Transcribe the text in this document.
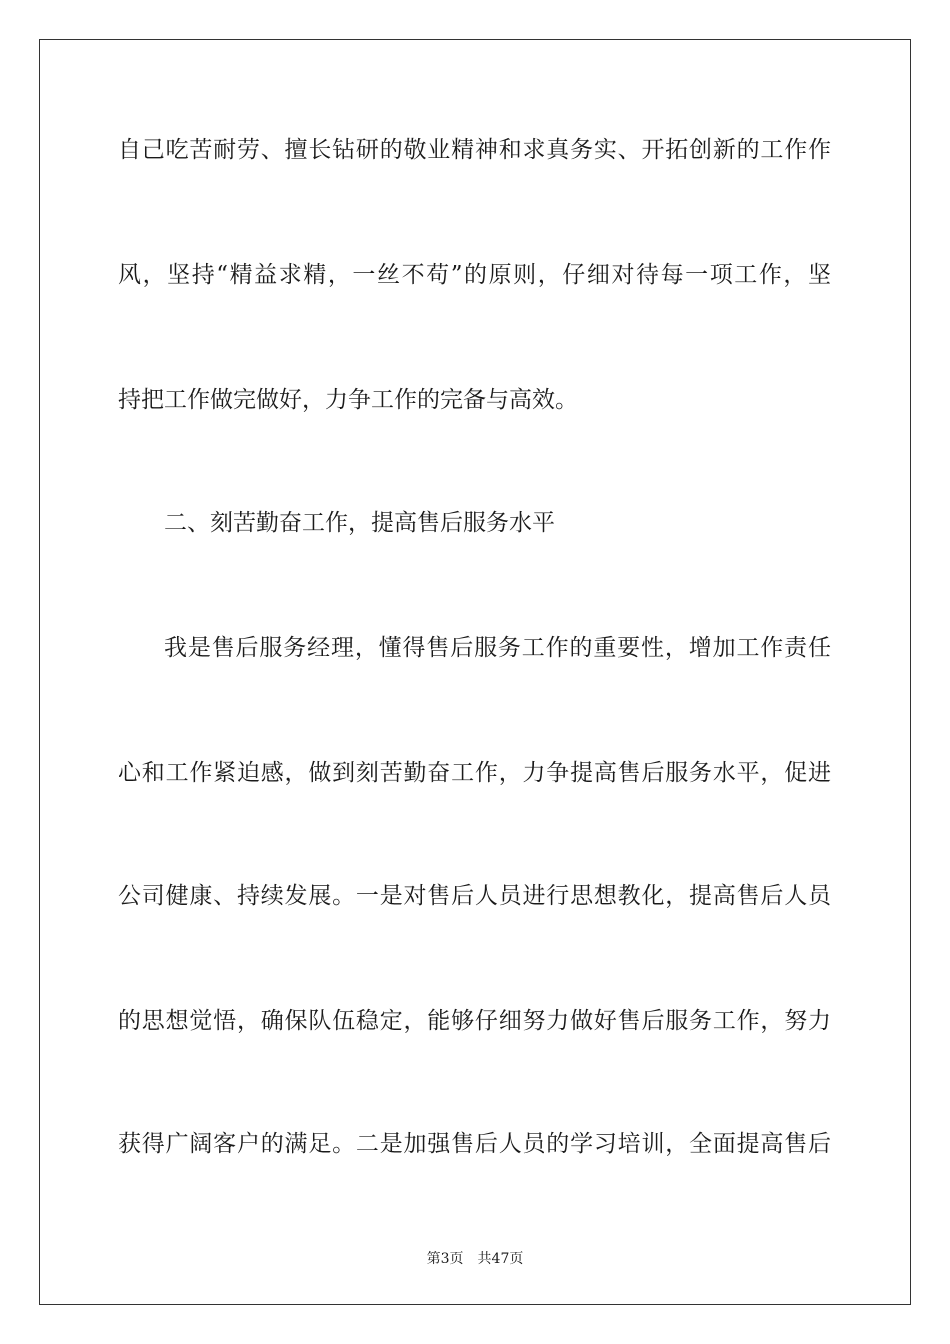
自己吃苦耐劳、擅长钻研的敬业精神和求真务实、开拓创新的工作作

风，坚持“精益求精，一丝不苟”的原则，仔细对待每一项工作，坚

持把工作做完做好，力争工作的完备与高效。

二、刻苦勤奋工作，提高售后服务水平

我是售后服务经理，懂得售后服务工作的重要性，增加工作责任

心和工作紧迫感，做到刻苦勤奋工作，力争提高售后服务水平，促进

公司健康、持续发展。一是对售后人员进行思想教化，提高售后人员

的思想觉悟，确保队伍稳定，能够仔细努力做好售后服务工作，努力

获得广阔客户的满足。二是加强售后人员的学习培训，全面提高售后

第3页 共47页
